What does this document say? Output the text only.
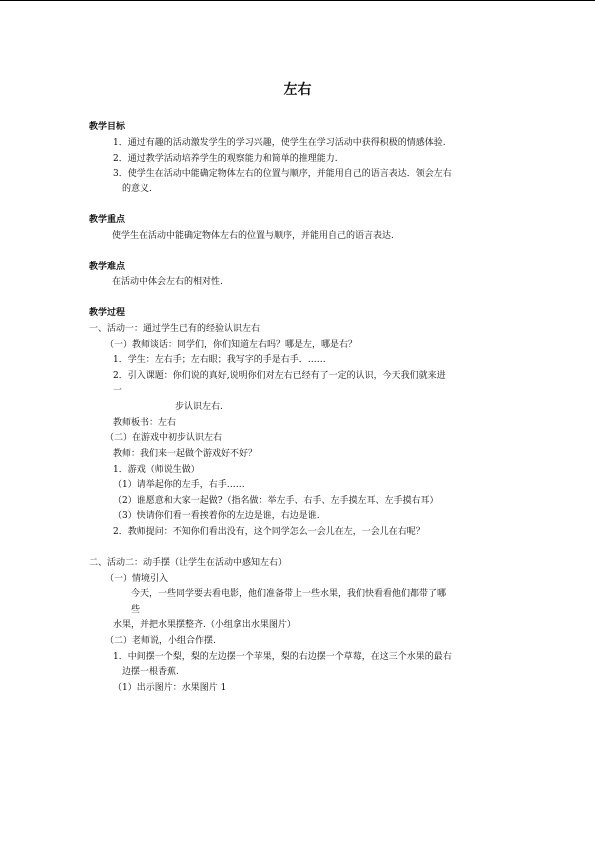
左右
教学目标
1．通过有趣的活动激发学生的学习兴趣，使学生在学习活动中获得积极的情感体验.
2．通过教学活动培养学生的观察能力和简单的推理能力.
3．使学生在活动中能确定物体左右的位置与顺序，并能用自己的语言表达．领会左右
的意义.
教学重点
使学生在活动中能确定物体左右的位置与顺序，并能用自己的语言表达.
教学难点
在活动中体会左右的相对性.
教学过程
一、活动一：通过学生已有的经验认识左右
（一）教师谈话：同学们，你们知道左右吗？哪是左，哪是右？
1．学生：左右手；左右眼；我写字的手是右手．……
2．引入课题：你们说的真好,说明你们对左右已经有了一定的认识，今天我们就来进
一
步认识左右.
教师板书：左右
（二）在游戏中初步认识左右
教师：我们来一起做个游戏好不好？
1．游戏（师说生做）
（1）请举起你的左手，右手……
（2）谁愿意和大家一起做?（指名做：举左手、右手、左手摸左耳、左手摸右耳）
（3）快请你们看一看挨着你的左边是谁，右边是谁.
2．教师提问：不知你们看出没有，这个同学怎么一会儿在左，一会儿在右呢？
二、活动二：动手摆（让学生在活动中感知左右）
（一）情境引入
今天，一些同学要去看电影，他们准备带上一些水果，我们快看看他们都带了哪
些
水果，并把水果摆整齐.（小组拿出水果图片）
（二）老师说，小组合作摆.
1．中间摆一个梨，梨的左边摆一个苹果，梨的右边摆一个草莓，在这三个水果的最右
边摆一根香蕉.
（1）出示图片：水果图片 1
